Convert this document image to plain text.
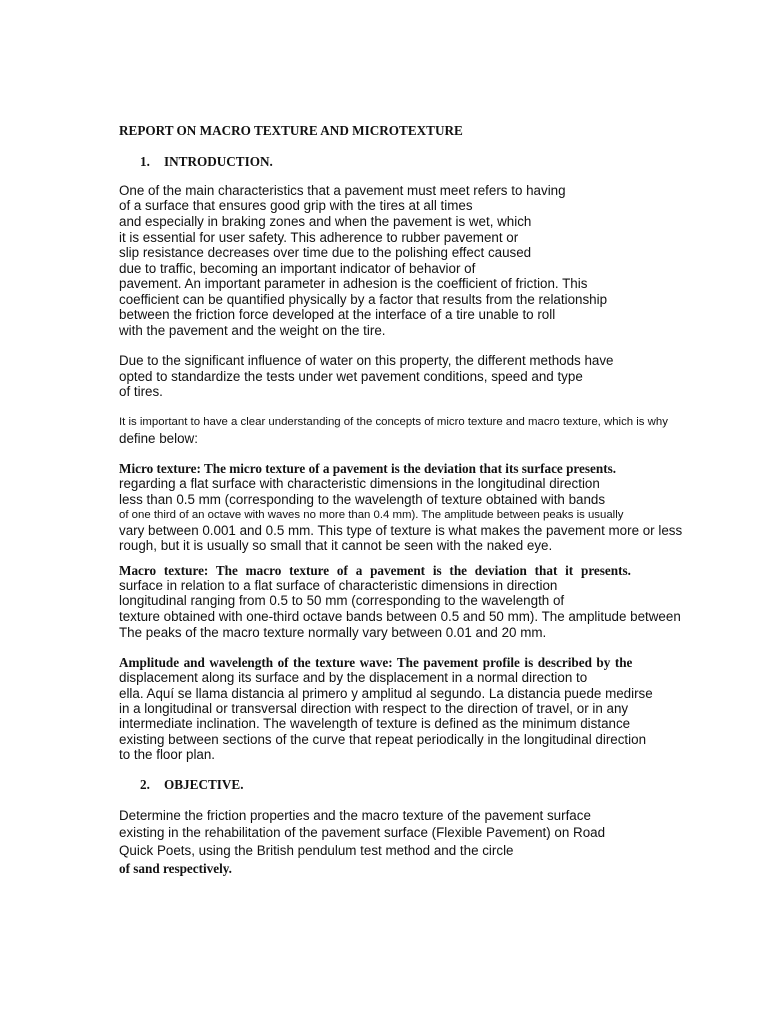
REPORT ON MACRO TEXTURE AND MICROTEXTURE
1. INTRODUCTION.
One of the main characteristics that a pavement must meet refers to having
of a surface that ensures good grip with the tires at all times
and especially in braking zones and when the pavement is wet, which
it is essential for user safety. This adherence to rubber pavement or
slip resistance decreases over time due to the polishing effect caused
due to traffic, becoming an important indicator of behavior of
pavement. An important parameter in adhesion is the coefficient of friction. This
coefficient can be quantified physically by a factor that results from the relationship
between the friction force developed at the interface of a tire unable to roll
with the pavement and the weight on the tire.
Due to the significant influence of water on this property, the different methods have
opted to standardize the tests under wet pavement conditions, speed and type
of tires.
It is important to have a clear understanding of the concepts of micro texture and macro texture, which is why
define below:
Micro texture: The micro texture of a pavement is the deviation that its surface presents.
regarding a flat surface with characteristic dimensions in the longitudinal direction
less than 0.5 mm (corresponding to the wavelength of texture obtained with bands
of one third of an octave with waves no more than 0.4 mm). The amplitude between peaks is usually
vary between 0.001 and 0.5 mm. This type of texture is what makes the pavement more or less
rough, but it is usually so small that it cannot be seen with the naked eye.
Macro texture: The macro texture of a pavement is the deviation that it presents.
surface in relation to a flat surface of characteristic dimensions in direction
longitudinal ranging from 0.5 to 50 mm (corresponding to the wavelength of
texture obtained with one-third octave bands between 0.5 and 50 mm). The amplitude between
The peaks of the macro texture normally vary between 0.01 and 20 mm.
Amplitude and wavelength of the texture wave: The pavement profile is described by the
displacement along its surface and by the displacement in a normal direction to
ella. Aquí se llama distancia al primero y amplitud al segundo. La distancia puede medirse
in a longitudinal or transversal direction with respect to the direction of travel, or in any
intermediate inclination. The wavelength of texture is defined as the minimum distance
existing between sections of the curve that repeat periodically in the longitudinal direction
to the floor plan.
2. OBJECTIVE.
Determine the friction properties and the macro texture of the pavement surface
existing in the rehabilitation of the pavement surface (Flexible Pavement) on Road
Quick Poets, using the British pendulum test method and the circle
of sand respectively.
